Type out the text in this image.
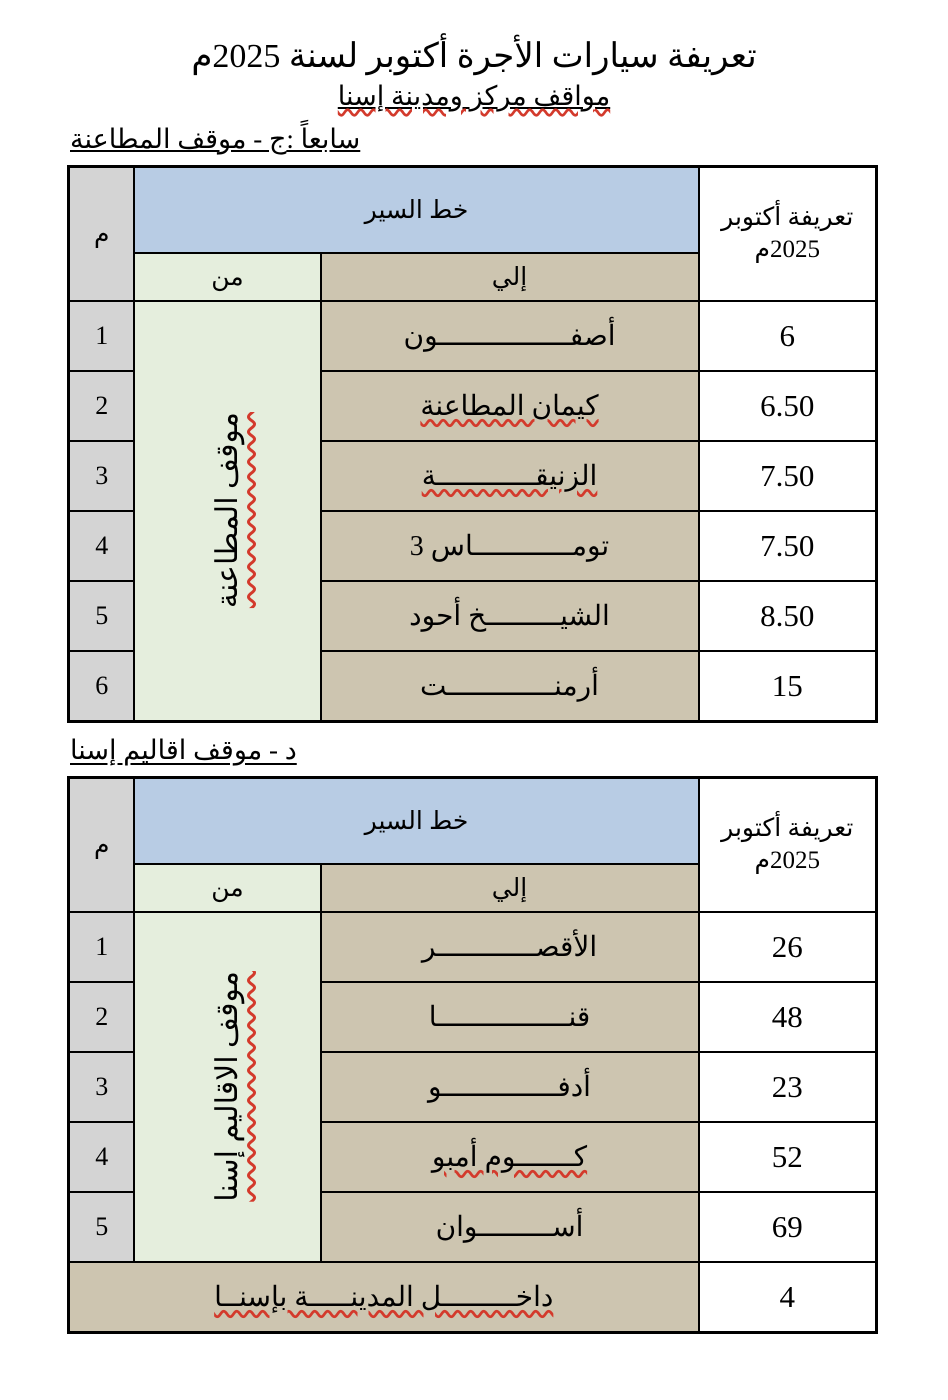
تعريفة سيارات الأجرة أكتوبر لسنة 2025م
مواقف مركز ومدينة إسنا
سابعاً :ج - موقف المطاعنة
تعريفة أكتوبر 2025م	خط السير		م
	إلي	من	
6	أصفــــــــــــــــون	موقف المطاعنة	1
6.50	كيمان المطاعنة		2
7.50	الزنيقــــــــــــة		3
7.50	تومــــــــــــاس 3		4
8.50	الشيـــــــــخ أحود		5
15	أرمنـــــــــــــت		6
د - موقف اقاليم إسنا
تعريفة أكتوبر 2025م	خط السير		م
	إلي	من	
26	الأقصــــــــــــر	موقف الاقاليم إسنا	1
48	قنــــــــــــــــا		2
23	أدفــــــــــــــو		3
52	كـــــــوم أمبو		4
69	أســـــــــوان		5
4	داخـــــــــل المدينـــــة بإسنــا		
